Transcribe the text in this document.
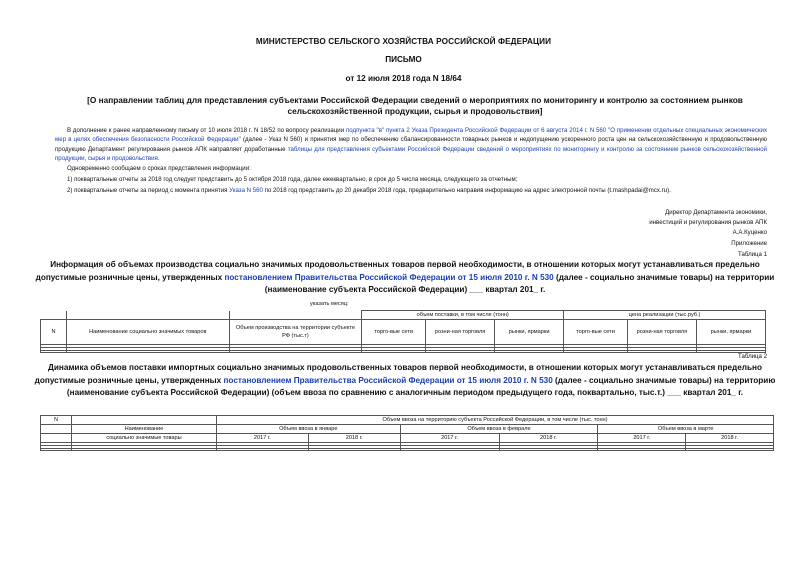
МИНИСТЕРСТВО СЕЛЬСКОГО ХОЗЯЙСТВА РОССИЙСКОЙ ФЕДЕРАЦИИ
ПИСЬМО
от 12 июля 2018 года N 18/64
[О направлении таблиц для представления субъектами Российской Федерации сведений о мероприятиях по мониторингу и контролю за состоянием рынков сельскохозяйственной продукции, сырья и продовольствия]
В дополнение к ранее направленному письму от 10 июля 2018 г. N 18/52 по вопросу реализации подпункта "в" пункта 2 Указа Президента Российской Федерации от 6 августа 2014 г. N 560 "О применении отдельных специальных экономических мер в целях обеспечения безопасности Российской Федерации" (далее - Указ N 560) и принятия мер по обеспечению сбалансированности товарных рынков и недопущению ускоренного роста цен на сельскохозяйственную и продовольственную продукцию Департамент регулирования рынков АПК направляет доработанные таблицы для представления субъектами Российской Федерации сведений о мероприятиях по мониторингу и контролю за состоянием рынков сельскохозяйственной продукции, сырья и продовольствия.
Одновременно сообщаем о сроках представления информации:
1) поквартальные отчеты за 2018 год следует представить до 5 октября 2018 года, далее ежеквартально, в срок до 5 числа месяца, следующего за отчетным;
2) поквартальные отчеты за период с момента принятия Указа N 560 по 2018 год представить до 20 декабря 2018 года, предварительно направив информацию на адрес электронной почты (t.mashpadai@mcx.ru).
Директор Департамента экономики,
инвестиций и регулирования рынков АПК
А.А.Куценко
Приложение
Таблица 1
Информация об объемах производства социально значимых продовольственных товаров первой необходимости, в отношении которых могут устанавливаться предельно допустимые розничные цены, утвержденных постановлением Правительства Российской Федерации от 15 июля 2010 г. N 530 (далее - социально значимые товары) на территории (наименование субъекта Российской Федерации) ___ квартал 201_ г.
указать месяц:
			объем поставки, в том числе (тонн)			цена реализации (тыс.руб.)		

N	Наименование социально значимых товаров	Объем производства на территории субъекте РФ (тыс.т)	торго-вые сети	розни-ная торговля	рынки, ярмарки	торго-вые сети	розни-ная торговля	рынки, ярмарки

Таблица 2
Динамика объемов поставки импортных социально значимых продовольственных товаров первой необходимости, в отношении которых могут устанавливаться предельно допустимые розничные цены, утвержденных постановлением Правительства Российской Федерации от 15 июля 2010 г. N 530 (далее - социально значимые товары) на территорию (наименование субъекта Российской Федерации) (объем ввоза по сравнению с аналогичным периодом предыдущего года, поквартально, тыс.т.) ___ квартал 201_ г.
N		Объем ввоза на территорию субъекта Российской Федерации, в том числе (тыс. тонн)					
	Наименование	Объем ввоза в январе		Объем ввоза в феврале		Объем ввоза в марте	
	социально значимые товары	2017 г.	2018 г.	2017 г.	2018 г.	2017 г.	2018 г.
